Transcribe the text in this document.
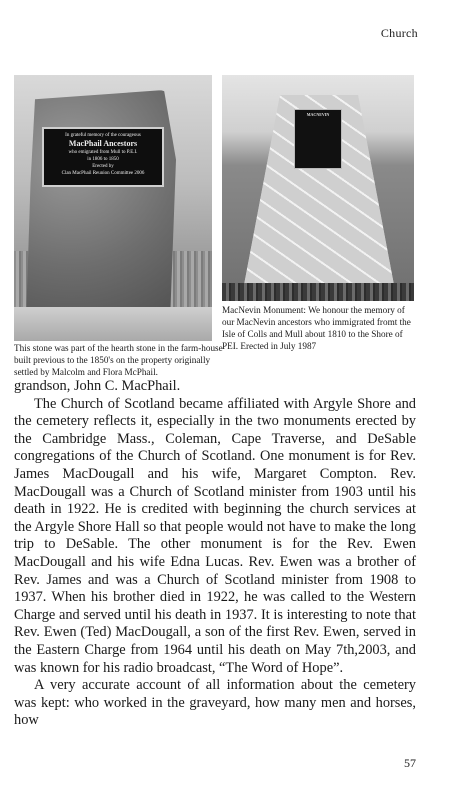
Church
In grateful memory of the courageous
MacPhail Ancestors
who emigrated from Mull to P.E.I.
in 1806 to 1850
Erected by
Clan MacPhail Reunion Committee 2006
This stone was part of the hearth stone in the farm-house built previous to the 1850's on the property originally settled by Malcolm and Flora McPhail.
MACNEVIN
MacNevin Monument: We honour the memory of our MacNevin ancestors who immigrated fromt the Isle of Colls and Mull about 1810 to the Shore of PEI. Erected in July 1987

grandson, John C. MacPhail.

The Church of Scotland became affiliated with Argyle Shore and the cemetery reflects it, especially in the two monuments erected by the Cambridge Mass., Coleman, Cape Traverse, and DeSable congregations of the Church of Scotland. One monument is for Rev. James MacDougall and his wife, Margaret Compton. Rev. MacDougall was a Church of Scotland minister from 1903 until his death in 1922. He is credited with beginning the church services at the Argyle Shore Hall so that people would not have to make the long trip to DeSable. The other monument is for the Rev. Ewen MacDougall and his wife Edna Lucas. Rev. Ewen was a brother of Rev. James and was a Church of Scotland minister from 1908 to 1937. When his brother died in 1922, he was called to the Western Charge and served until his death in 1937. It is interesting to note that Rev. Ewen (Ted) MacDougall, a son of the first Rev. Ewen, served in the Eastern Charge from 1964 until his death on May 7th,2003, and was known for his radio broadcast, “The Word of Hope”.

A very accurate account of all information about the cemetery was kept: who worked in the graveyard, how many men and horses, how

57
